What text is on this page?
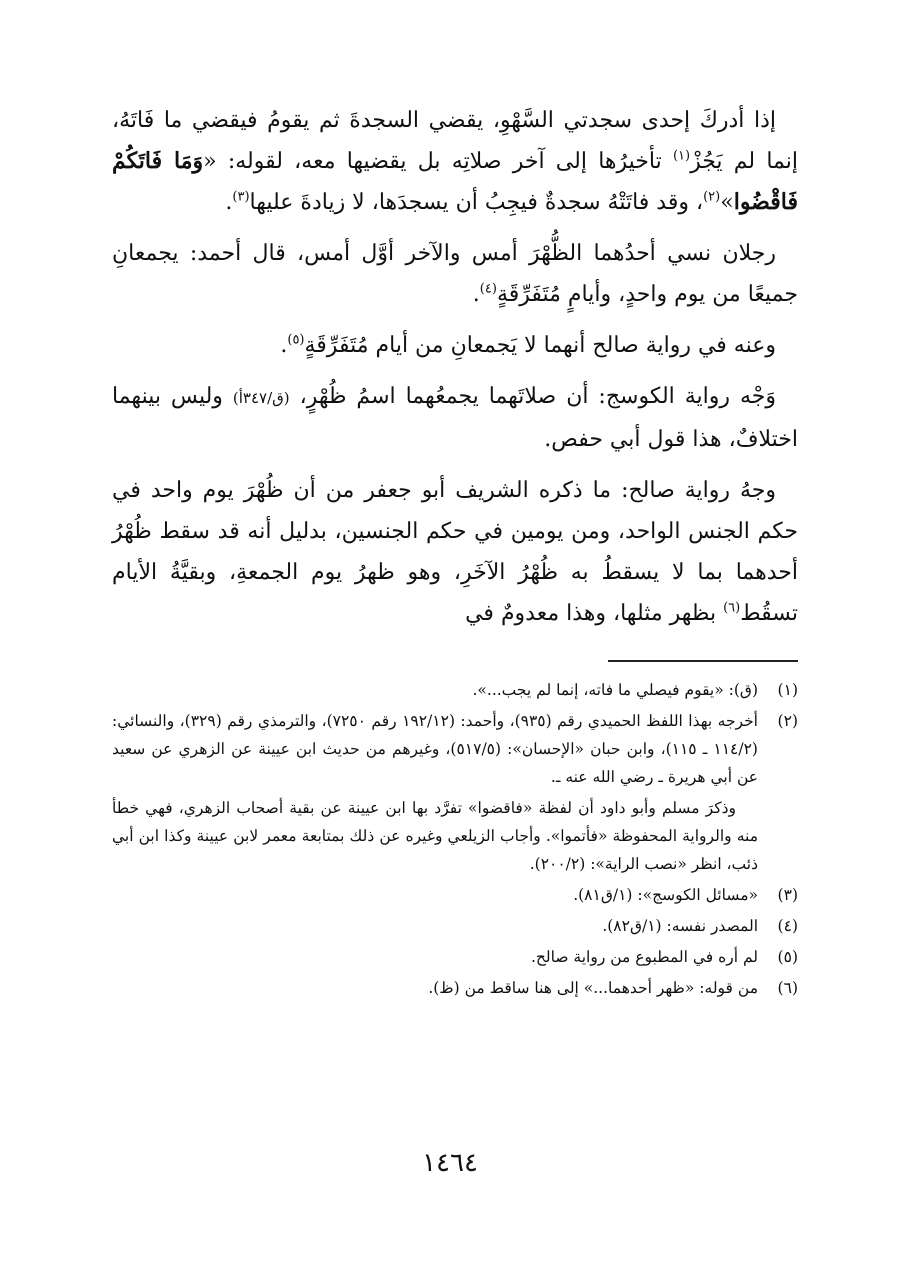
إذا أدركَ إحدى سجدتي السَّهْوِ، يقضي السجدةَ ثم يقومُ فيقضي ما فَاتَهُ، إنما لم يَجُزْ$^{(١)}$ تأخيرُها إلى آخر صلاتِه بل يقضيها معه، لقوله: «وَمَا فَاتَكُمْ فَاقْضُوا»$^{(٢)}$، وقد فاتَتْهُ سجدةٌ فيجِبُ أن يسجدَها، لا زيادةَ عليها$^{(٣)}$.

رجلان نسي أحدُهما الظُّهْرَ أمس والآخر أوَّل أمس، قال أحمد: يجمعانِ جميعًا من يوم واحدٍ، وأيامٍ مُتَفَرِّقَةٍ$^{(٤)}$.

وعنه في رواية صالح أنهما لا يَجمعانِ من أيام مُتَفَرِّقَةٍ$^{(٥)}$.

وَجْه رواية الكوسج: أن صلاتَهما يجمعُهما اسمُ ظُهْرٍ، (ق/٣٤٧أ) وليس بينهما اختلافٌ، هذا قول أبي حفص.

وجهُ رواية صالح: ما ذكره الشريف أبو جعفر من أن ظُهْرَ يوم واحد في حكم الجنس الواحد، ومن يومين في حكم الجنسين، بدليل أنه قد سقط ظُهْرُ أحدهما بما لا يسقطُ به ظُهْرُ الآخَرِ، وهو ظهرُ يوم الجمعةِ، وبقيَّةُ الأيام تسقُط$^{(٦)}$ بظهر مثلها، وهذا معدومٌ في

(١)
(ق): «يقوم فيصلي ما فاته، إنما لم يجب...».
(٢)
أخرجه بهذا اللفظ الحميدي رقم (٩٣٥)، وأحمد: (١٩٢/١٢ رقم ٧٢٥٠)، والترمذي رقم (٣٢٩)، والنسائي: (١١٤/٢ ـ ١١٥)، وابن حبان «الإحسان»: (٥١٧/٥)، وغيرهم من حديث ابن عيينة عن الزهري عن سعيد عن أبي هريرة ـ رضي الله عنه ـ.
وذكرَ مسلم وأبو داود أن لفظة «فاقضوا» تفرَّد بها ابن عيينة عن بقية أصحاب الزهري، فهي خطأ منه والرواية المحفوظة «فأتموا». وأجاب الزيلعي وغيره عن ذلك بمتابعة معمر لابن عيينة وكذا ابن أبي ذئب، انظر «نصب الراية»: (٢٠٠/٢).
(٣)
«مسائل الكوسج»: (١/ق٨١).
(٤)
المصدر نفسه: (١/ق٨٢).
(٥)
لم أره في المطبوع من رواية صالح.
(٦)
من قوله: «ظهر أحدهما...» إلى هنا ساقط من (ظ).
١٤٦٤
